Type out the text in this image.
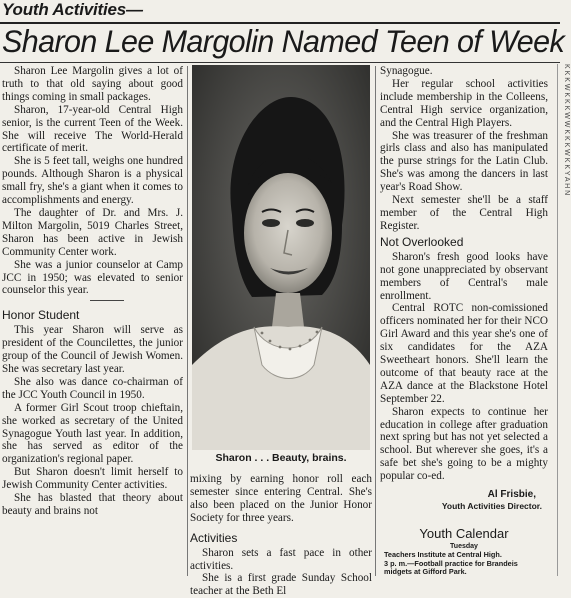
Youth Activities—
Sharon Lee Margolin Named Teen of Week

Sharon Lee Margolin gives a lot of truth to that old saying about good things coming in small packages.

Sharon, 17-year-old Central High senior, is the current Teen of the Week. She will receive The World-Herald certificate of merit.

She is 5 feet tall, weighs one hundred pounds. Although Sharon is a physical small fry, she's a giant when it comes to accomplishments and energy.

The daughter of Dr. and Mrs. J. Milton Margolin, 5019 Charles Street, Sharon has been active in Jewish Community Center work.

She was a junior counselor at Camp JCC in 1950; was elevated to senior counselor this year.

Honor Student

This year Sharon will serve as president of the Councilettes, the junior group of the Council of Jewish Women. She was secretary last year.

She also was dance co-chairman of the JCC Youth Council in 1950.

A former Girl Scout troop chieftain, she worked as secretary of the United Synagogue Youth last year. In addition, she has served as editor of the organization's regional paper.

But Sharon doesn't limit herself to Jewish Community Center activities.

She has blasted that theory about beauty and brains not

Sharon . . . Beauty, brains.

mixing by earning honor roll each semester since entering Central. She's also been placed on the Junior Honor Society for three years.

Activities

Sharon sets a fast pace in other activities.

She is a first grade Sunday School teacher at the Beth El

Synagogue.

Her regular school activities include membership in the Colleens, Central High service organization, and the Central High Players.

She was treasurer of the freshman girls class and also has manipulated the purse strings for the Latin Club. She's was among the dancers in last year's Road Show.

Next semester she'll be a staff member of the Central High Register.

Not Overlooked

Sharon's fresh good looks have not gone unappreciated by observant members of Central's male enrollment.

Central ROTC non-comissioned officers nominated her for their NCO Girl Award and this year she's one of six candidates for the AZA Sweetheart honors. She'll learn the outcome of that beauty race at the AZA dance at the Blackstone Hotel September 22.

Sharon expects to continue her education in college after graduation next spring but has not yet selected a school. But wherever she goes, it's a safe bet she's going to be a mighty popular co-ed.

Al Frisbie,
Youth Activities Director.
Youth Calendar
Tuesday
Teachers Institute at Central High.
3 p. m.—Football practice for Brandeis
midgets at Gifford Park.
K K K W K K K W W K K K W K K Y A H N
